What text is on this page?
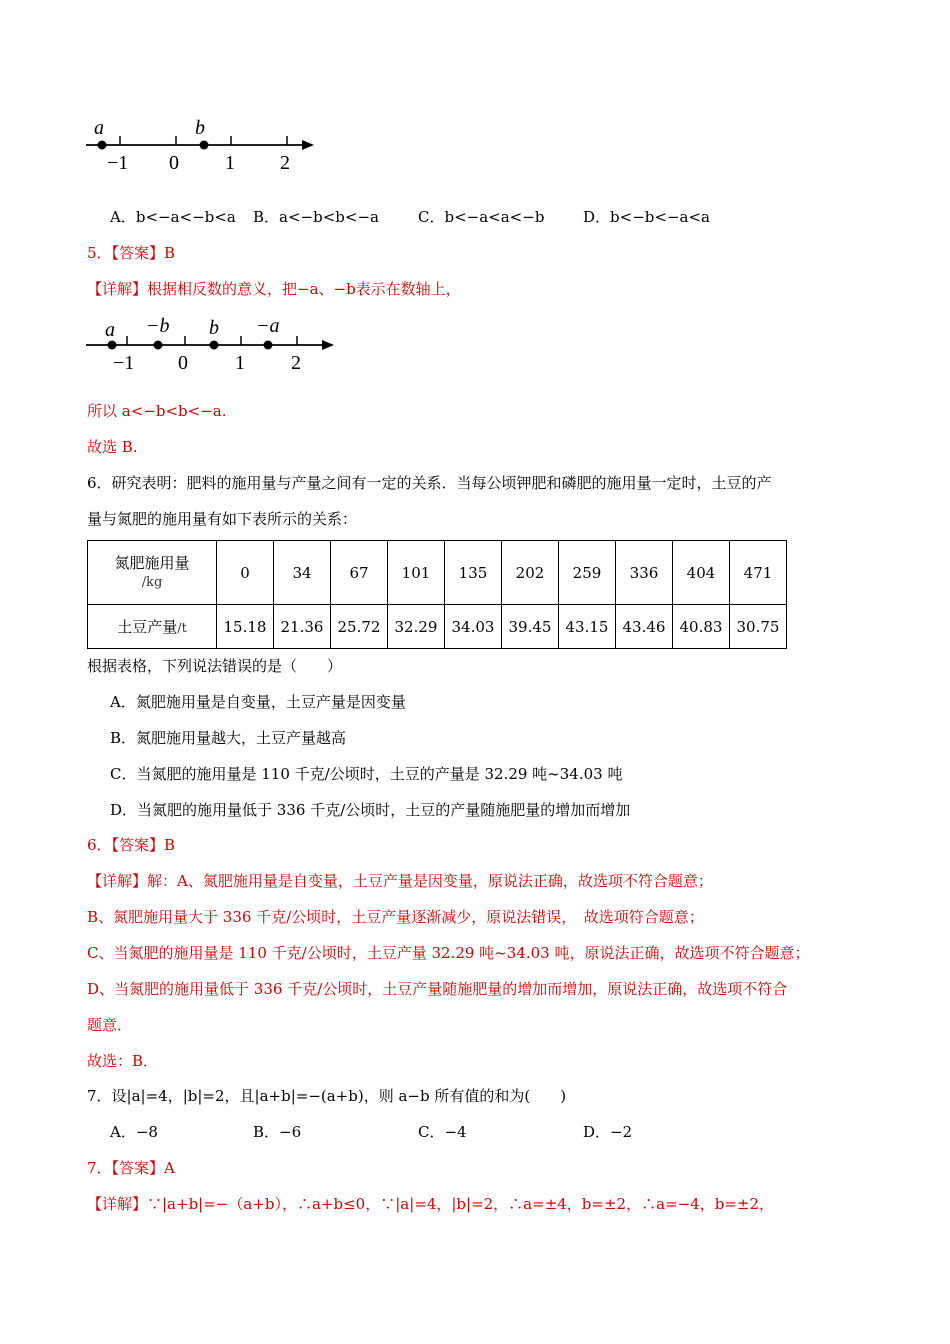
a	b
−1 0 1 2
A．b<−a<−b<a B．a<−b<b<−a	C．b<−a<a<−b	D．b<−b<−a<a
5．【答案】B
【详解】根据相反数的意义，把−a、−b表示在数轴上，
a −b b −a
−1 0 1 2
所以 a<−b<b<−a.
故选 B.
6．研究表明：肥料的施用量与产量之间有一定的关系．当每公顷钾肥和磷肥的施用量一定时，土豆的产
量与氮肥的施用量有如下表所示的关系：
氮肥施用量
/kg	0	34	67	101	135	202	259	336	404	471
土豆产量/t	15.18	21.36	25.72	32.29	34.03	39.45	43.15	43.46	40.83	30.75
根据表格，下列说法错误的是（　　）
A．氮肥施用量是自变量，土豆产量是因变量
B．氮肥施用量越大，土豆产量越高
C．当氮肥的施用量是 110 千克/公顷时，土豆的产量是 32.29 吨~34.03 吨
D．当氮肥的施用量低于 336 千克/公顷时，土豆的产量随施肥量的增加而增加
6．【答案】B
【详解】解：A、氮肥施用量是自变量，土豆产量是因变量，原说法正确，故选项不符合题意；
B、氮肥施用量大于 336 千克/公顷时，土豆产量逐渐减少，原说法错误，　故选项符合题意；
C、当氮肥的施用量是 110 千克/公顷时，土豆产量 32.29 吨~34.03 吨，原说法正确，故选项不符合题意；
D、当氮肥的施用量低于 336 千克/公顷时，土豆产量随施肥量的增加而增加，原说法正确，故选项不符合
题意．
故选：B．
7．设|a|=4，|b|=2，且|a+b|=−(a+b)，则 a−b 所有值的和为(　　)
A．−8	B．−6	C．−4	D．−2
7．【答案】A
【详解】∵|a+b|=−（a+b），∴a+b≤0，∵|a|=4，|b|=2，∴a=±4，b=±2，∴a=−4，b=±2，
